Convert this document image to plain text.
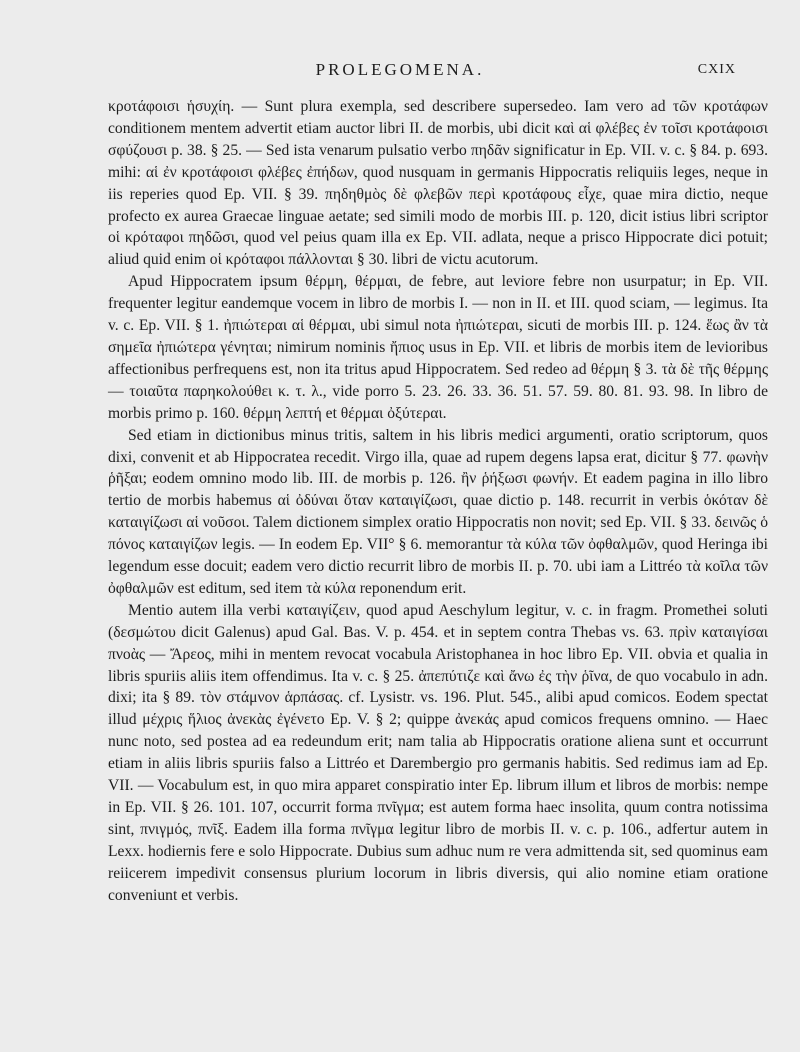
PROLEGOMENA.	CXIX

κροτάφοισι ἡσυχίη. — Sunt plura exempla, sed describere supersedeo. Iam vero ad τῶν κροτάφων conditionem mentem advertit etiam auctor libri II. de morbis, ubi dicit καὶ αἱ φλέβες ἐν τοῖσι κροτάφοισι σφύζουσι p. 38. § 25. — Sed ista venarum pulsatio verbo πηδᾶν significatur in Ep. VII. v. c. § 84. p. 693. mihi: αἱ ἐν κροτάφοισι φλέβες ἐπήδων, quod nusquam in germanis Hippocratis reliquiis leges, neque in iis reperies quod Ep. VII. § 39. πηδηθμὸς δὲ φλεβῶν περὶ κροτάφους εἶχε, quae mira dictio, neque profecto ex aurea Graecae linguae aetate; sed simili modo de morbis III. p. 120, dicit istius libri scriptor οἱ κρόταφοι πηδῶσι, quod vel peius quam illa ex Ep. VII. adlata, neque a prisco Hippocrate dici potuit; aliud quid enim οἱ κρόταφοι πάλλονται § 30. libri de victu acutorum.

Apud Hippocratem ipsum θέρμη, θέρμαι, de febre, aut leviore febre non usurpatur; in Ep. VII. frequenter legitur eandemque vocem in libro de morbis I. — non in II. et III. quod sciam, — legimus. Ita v. c. Ep. VII. § 1. ἠπιώτεραι αἱ θέρμαι, ubi simul nota ἠπιώτεραι, sicuti de morbis III. p. 124. ἕως ἂν τὰ σημεῖα ἠπιώτερα γένηται; nimirum nominis ἤπιος usus in Ep. VII. et libris de morbis item de levioribus affectionibus perfrequens est, non ita tritus apud Hippocratem. Sed redeo ad θέρμη § 3. τὰ δὲ τῆς θέρμης — τοιαῦτα παρηκολούθει κ. τ. λ., vide porro 5. 23. 26. 33. 36. 51. 57. 59. 80. 81. 93. 98. In libro de morbis primo p. 160. θέρμη λεπτή et θέρμαι ὀξύτεραι.

Sed etiam in dictionibus minus tritis, saltem in his libris medici argumenti, oratio scriptorum, quos dixi, convenit et ab Hippocratea recedit. Virgo illa, quae ad rupem degens lapsa erat, dicitur § 77. φωνὴν ῥῆξαι; eodem omnino modo lib. III. de morbis p. 126. ἢν ῥήξωσι φωνήν. Et eadem pagina in illo libro tertio de morbis habemus αἱ ὀδύναι ὅταν καταιγίζωσι, quae dictio p. 148. recurrit in verbis ὁκόταν δὲ καταιγίζωσι αἱ νοῦσοι. Talem dictionem simplex oratio Hippocratis non novit; sed Ep. VII. § 33. δεινῶς ὁ πόνος καταιγίζων legis. — In eodem Ep. VII° § 6. memorantur τὰ κύλα τῶν ὀφθαλμῶν, quod Heringa ibi legendum esse docuit; eadem vero dictio recurrit libro de morbis II. p. 70. ubi iam a Littréo τὰ κοῖλα τῶν ὀφθαλμῶν est editum, sed item τὰ κύλα reponendum erit.

Mentio autem illa verbi καταιγίζειν, quod apud Aeschylum legitur, v. c. in fragm. Promethei soluti (δεσμώτου dicit Galenus) apud Gal. Bas. V. p. 454. et in septem contra Thebas vs. 63. πρὶν καταιγίσαι πνοὰς — Ἄρεος, mihi in mentem revocat vocabula Aristophanea in hoc libro Ep. VII. obvia et qualia in libris spuriis aliis item offendimus. Ita v. c. § 25. ἀπεπύτιζε καὶ ἄνω ἐς τὴν ῥῖνα, de quo vocabulo in adn. dixi; ita § 89. τὸν στάμνον ἁρπάσας. cf. Lysistr. vs. 196. Plut. 545., alibi apud comicos. Eodem spectat illud μέχρις ἥλιος ἀνεκὰς ἐγένετο Ep. V. § 2; quippe ἀνεκάς apud comicos frequens omnino. — Haec nunc noto, sed postea ad ea redeundum erit; nam talia ab Hippocratis oratione aliena sunt et occurrunt etiam in aliis libris spuriis falso a Littréo et Darembergio pro germanis habitis. Sed redimus iam ad Ep. VII. — Vocabulum est, in quo mira apparet conspiratio inter Ep. librum illum et libros de morbis: nempe in Ep. VII. § 26. 101. 107, occurrit forma πνῖγμα; est autem forma haec insolita, quum contra notissima sint, πνιγμός, πνῖξ. Eadem illa forma πνῖγμα legitur libro de morbis II. v. c. p. 106., adfertur autem in Lexx. hodiernis fere e solo Hippocrate. Dubius sum adhuc num re vera admittenda sit, sed quominus eam reiicerem impedivit consensus plurium locorum in libris diversis, qui alio nomine etiam oratione conveniunt et verbis.
